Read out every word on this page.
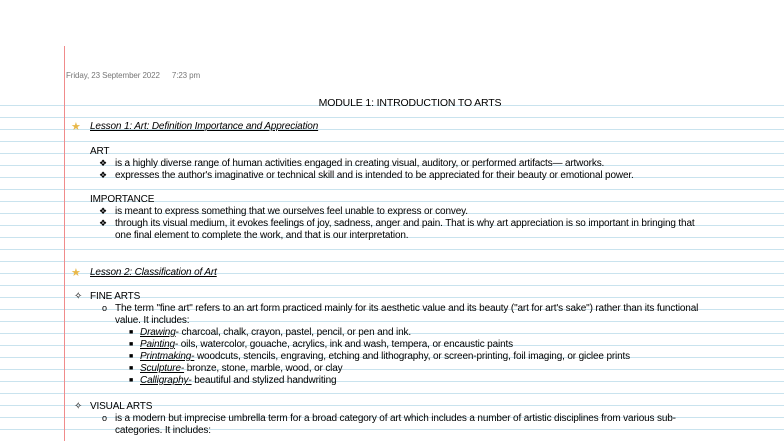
Friday, 23 September 2022 7:23 pm
MODULE 1: INTRODUCTION TO ARTS
★ Lesson 1: Art: Definition Importance and Appreciation
ART
❖ is a highly diverse range of human activities engaged in creating visual, auditory, or performed artifacts— artworks.
❖ expresses the author's imaginative or technical skill and is intended to be appreciated for their beauty or emotional power.
IMPORTANCE
❖ is meant to express something that we ourselves feel unable to express or convey.
❖ through its visual medium, it evokes feelings of joy, sadness, anger and pain. That is why art appreciation is so important in bringing that
one final element to complete the work, and that is our interpretation.
★ Lesson 2: Classification of Art
✧ FINE ARTS
o The term "fine art" refers to an art form practiced mainly for its aesthetic value and its beauty ("art for art's sake") rather than its functional
value. It includes:
■ Drawing- charcoal, chalk, crayon, pastel, pencil, or pen and ink.
■ Painting- oils, watercolor, gouache, acrylics, ink and wash, tempera, or encaustic paints
■ Printmaking- woodcuts, stencils, engraving, etching and lithography, or screen-printing, foil imaging, or giclee prints
■ Sculpture- bronze, stone, marble, wood, or clay
■ Calligraphy- beautiful and stylized handwriting
✧ VISUAL ARTS
o is a modern but imprecise umbrella term for a broad category of art which includes a number of artistic disciplines from various sub-
categories. It includes:
